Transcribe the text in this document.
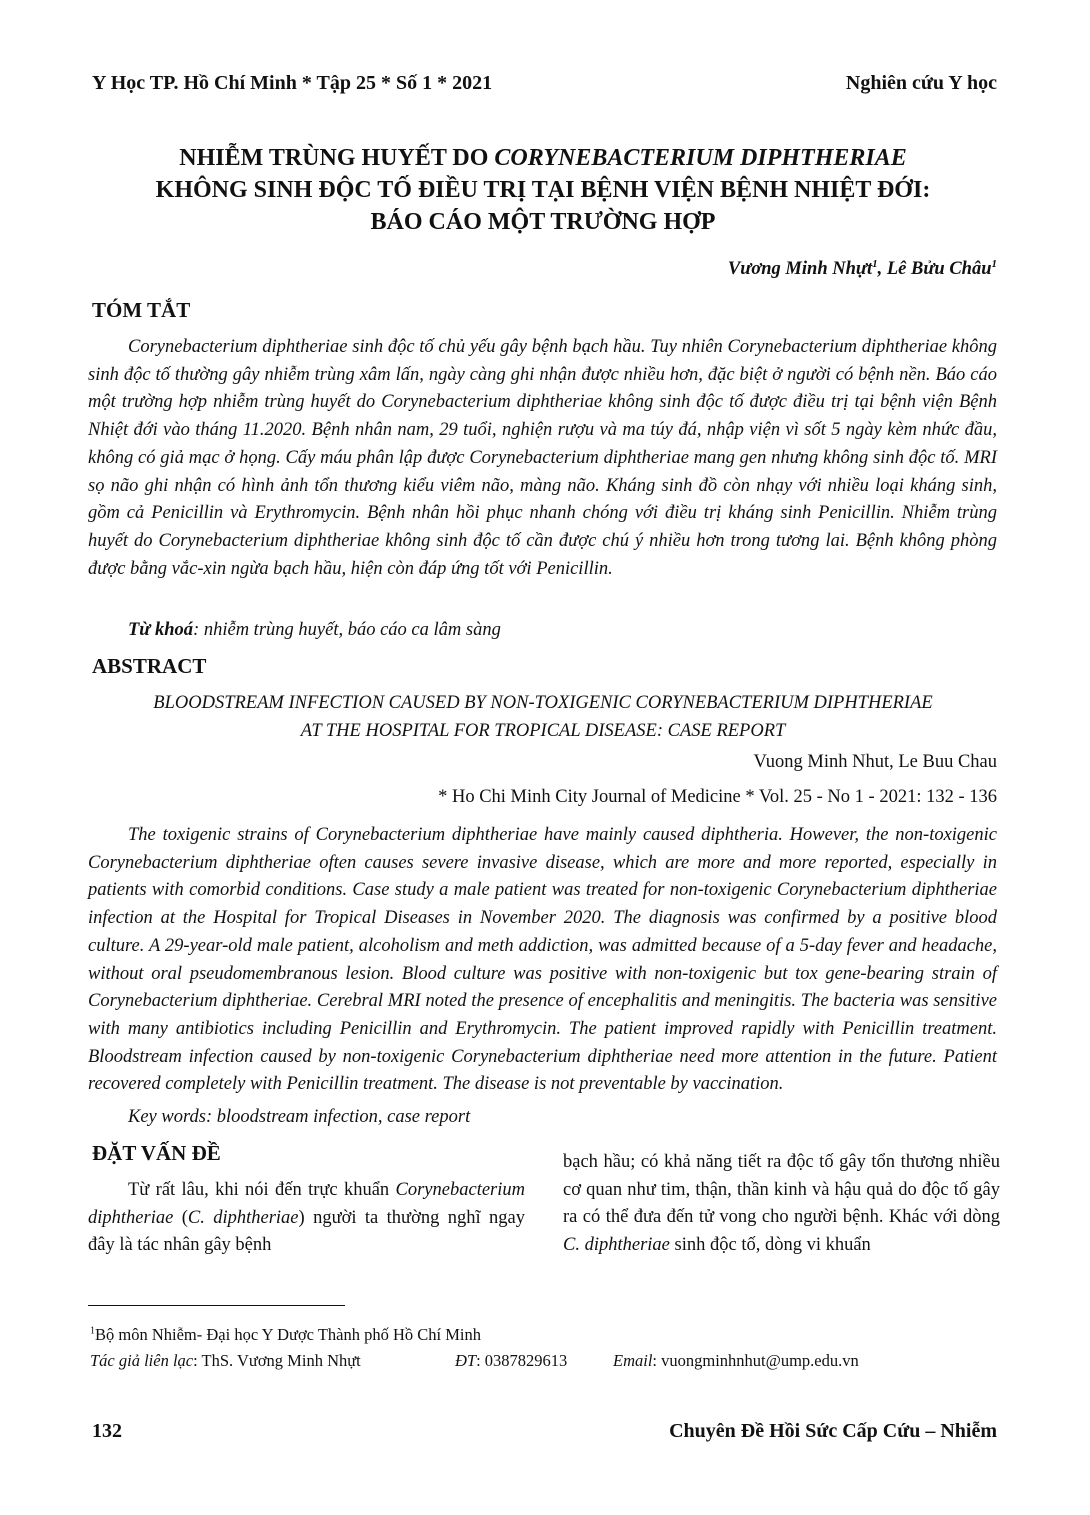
Y Học TP. Hồ Chí Minh * Tập 25 * Số 1 * 2021	Nghiên cứu Y học
NHIỄM TRÙNG HUYẾT DO CORYNEBACTERIUM DIPHTHERIAE
KHÔNG SINH ĐỘC TỐ ĐIỀU TRỊ TẠI BỆNH VIỆN BỆNH NHIỆT ĐỚI:
BÁO CÁO MỘT TRƯỜNG HỢP
Vương Minh Nhựt$^1$, Lê Bửu Châu$^1$
TÓM TẮT
Corynebacterium diphtheriae sinh độc tố chủ yếu gây bệnh bạch hầu. Tuy nhiên Corynebacterium diphtheriae không sinh độc tố thường gây nhiễm trùng xâm lấn, ngày càng ghi nhận được nhiều hơn, đặc biệt ở người có bệnh nền. Báo cáo một trường hợp nhiễm trùng huyết do Corynebacterium diphtheriae không sinh độc tố được điều trị tại bệnh viện Bệnh Nhiệt đới vào tháng 11.2020. Bệnh nhân nam, 29 tuổi, nghiện rượu và ma túy đá, nhập viện vì sốt 5 ngày kèm nhức đầu, không có giả mạc ở họng. Cấy máu phân lập được Corynebacterium diphtheriae mang gen nhưng không sinh độc tố. MRI sọ não ghi nhận có hình ảnh tổn thương kiểu viêm não, màng não. Kháng sinh đồ còn nhạy với nhiều loại kháng sinh, gồm cả Penicillin và Erythromycin. Bệnh nhân hồi phục nhanh chóng với điều trị kháng sinh Penicillin. Nhiễm trùng huyết do Corynebacterium diphtheriae không sinh độc tố cần được chú ý nhiều hơn trong tương lai. Bệnh không phòng được bằng vắc-xin ngừa bạch hầu, hiện còn đáp ứng tốt với Penicillin.
Từ khoá: nhiễm trùng huyết, báo cáo ca lâm sàng
ABSTRACT
BLOODSTREAM INFECTION CAUSED BY NON-TOXIGENIC CORYNEBACTERIUM DIPHTHERIAE
AT THE HOSPITAL FOR TROPICAL DISEASE: CASE REPORT
Vuong Minh Nhut, Le Buu Chau
* Ho Chi Minh City Journal of Medicine * Vol. 25 - No 1 - 2021: 132 - 136
The toxigenic strains of Corynebacterium diphtheriae have mainly caused diphtheria. However, the non-toxigenic Corynebacterium diphtheriae often causes severe invasive disease, which are more and more reported, especially in patients with comorbid conditions. Case study a male patient was treated for non-toxigenic Corynebacterium diphtheriae infection at the Hospital for Tropical Diseases in November 2020. The diagnosis was confirmed by a positive blood culture. A 29-year-old male patient, alcoholism and meth addiction, was admitted because of a 5-day fever and headache, without oral pseudomembranous lesion. Blood culture was positive with non-toxigenic but tox gene-bearing strain of Corynebacterium diphtheriae. Cerebral MRI noted the presence of encephalitis and meningitis. The bacteria was sensitive with many antibiotics including Penicillin and Erythromycin. The patient improved rapidly with Penicillin treatment. Bloodstream infection caused by non-toxigenic Corynebacterium diphtheriae need more attention in the future. Patient recovered completely with Penicillin treatment. The disease is not preventable by vaccination.
Key words: bloodstream infection, case report
ĐẶT VẤN ĐỀ
Từ rất lâu, khi nói đến trực khuẩn Corynebacterium diphtheriae (C. diphtheriae) người ta thường nghĩ ngay đây là tác nhân gây bệnh
bạch hầu; có khả năng tiết ra độc tố gây tổn thương nhiều cơ quan như tim, thận, thần kinh và hậu quả do độc tố gây ra có thể đưa đến tử vong cho người bệnh. Khác với dòng C. diphtheriae sinh độc tố, dòng vi khuẩn
$^1$Bộ môn Nhiễm- Đại học Y Dược Thành phố Hồ Chí Minh
Tác giả liên lạc: ThS. Vương Minh Nhựt	ĐT: 0387829613	Email: vuongminhnhut@ump.edu.vn
132	Chuyên Đề Hồi Sức Cấp Cứu – Nhiễm
